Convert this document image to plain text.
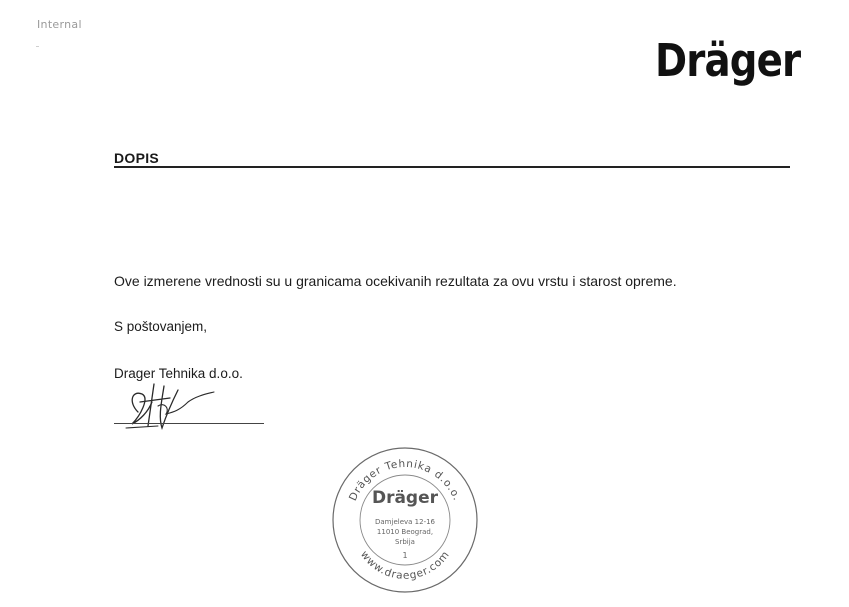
Internal
Dräger
DOPIS
Ove izmerene vrednosti su u granicama ocekivanih rezultata za ovu vrstu i starost opreme.
S poštovanjem,
Drager Tehnika d.o.o.
Dräger Tehnika d.o.o.
www.draeger.com
Dräger
Damjeleva 12-16
11010 Beograd,
Srbija
1
